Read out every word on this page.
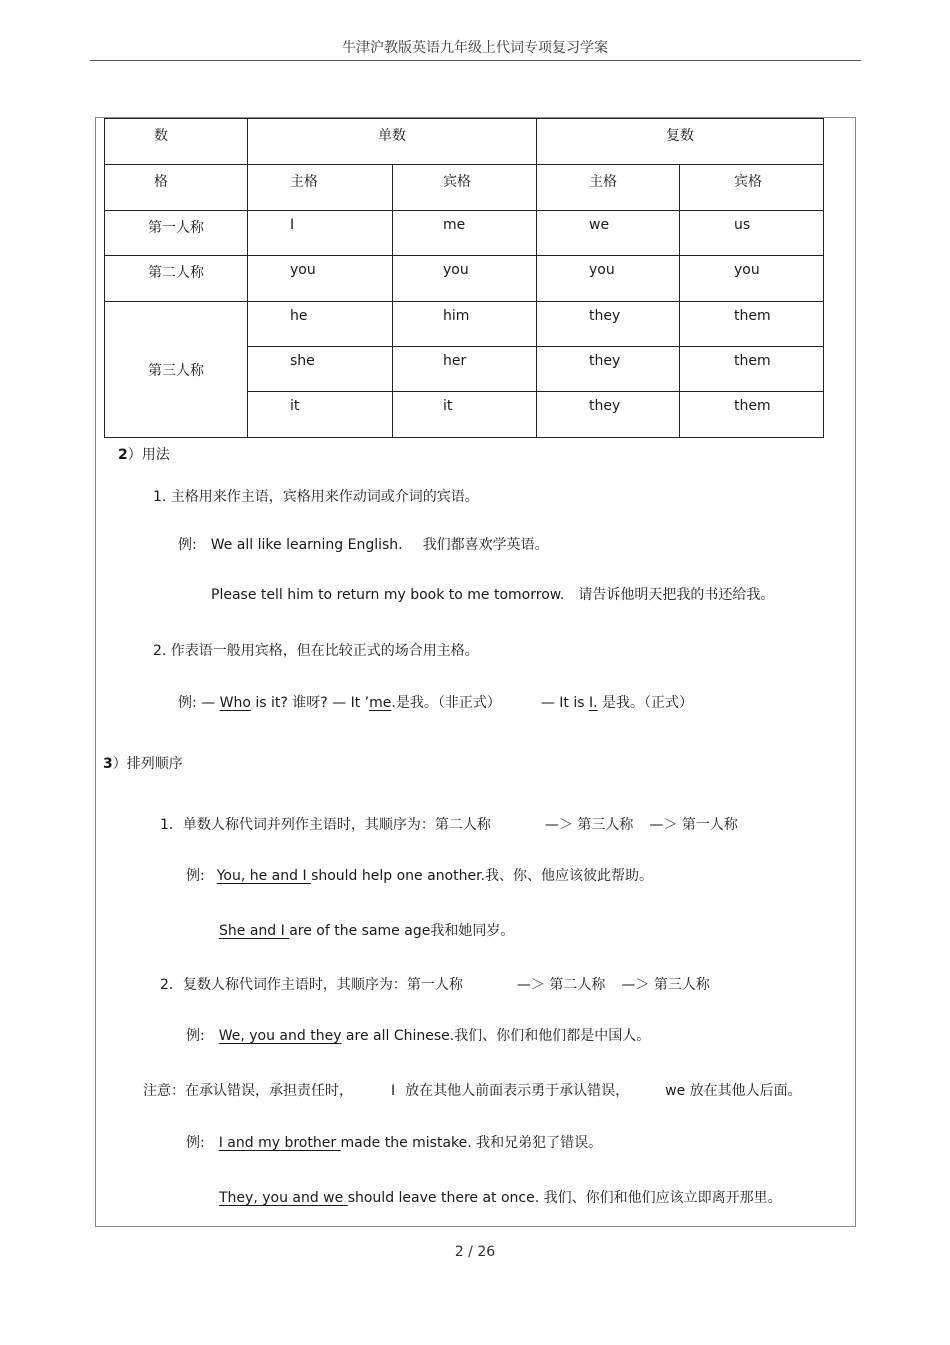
牛津沪教版英语九年级上代词专项复习学案
数	单数		复数	
格	主格	宾格	主格	宾格
第一人称	I	me	we	us
第二人称	you	you	you	you
第三人称	he	him	they	them
	she	her	they	them
	it	it	they	them
2）用法
1. 主格用来作主语，宾格用来作动词或介词的宾语。
例: We all like learning English. 我们都喜欢学英语。
Please tell him to return my book to me tomorrow. 请告诉他明天把我的书还给我。
2. 作表语一般用宾格，但在比较正式的场合用主格。
例: — Who is it? 谁呀? — It ’me.是我。（非正式）	— It is I. 是我。（正式）
3）排列顺序
1．单数人称代词并列作主语时，其顺序为：第二人称	—＞ 第三人称 —＞ 第一人称
例: You, he and I should help one another.我、你、他应该彼此帮助。
She and I are of the same age我和她同岁。
2．复数人称代词作主语时，其顺序为：第一人称	—＞ 第二人称 —＞ 第三人称
例: We, you and they are all Chinese.我们、你们和他们都是中国人。
注意：在承认错误，承担责任时，	I 放在其他人前面表示勇于承认错误，	we 放在其他人后面。
例: I and my brother made the mistake. 我和兄弟犯了错误。
They, you and we should leave there at once. 我们、你们和他们应该立即离开那里。
2 / 26
